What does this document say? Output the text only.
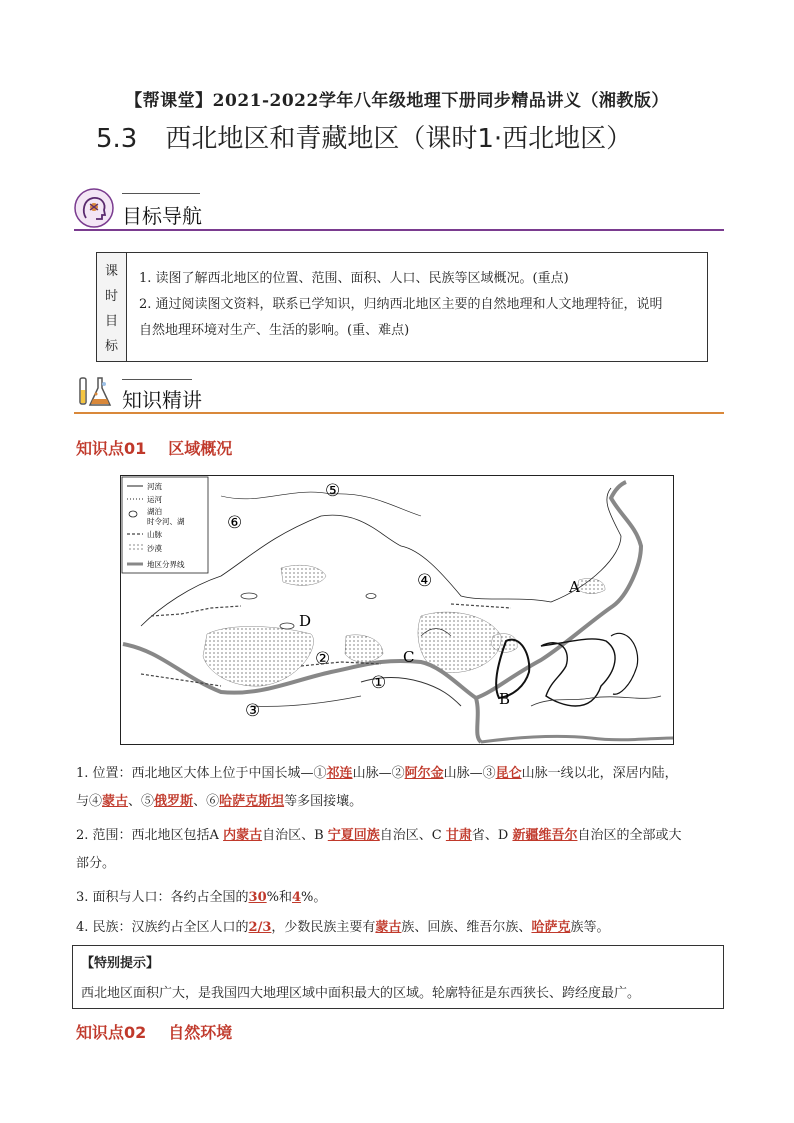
【帮课堂】2021-2022学年八年级地理下册同步精品讲义（湘教版）
5.3 西北地区和青藏地区（课时1·西北地区）
目标导航
课
时
目
标
1. 读图了解西北地区的位置、范围、面积、人口、民族等区域概况。(重点)
2. 通过阅读图文资料，联系已学知识，归纳西北地区主要的自然地理和人文地理特征，说明
自然地理环境对生产、生活的影响。(重、难点)
知识精讲
知识点01 区域概况
河流
运河
湖泊
时令河、湖
山脉
沙漠
地区分界线
⑤
⑥
④	A
D
②	C
①
③
B
1. 位置：西北地区大体上位于中国长城—①祁连山脉—②阿尔金山脉—③昆仑山脉一线以北，深居内陆，
与④蒙古、⑤俄罗斯、⑥哈萨克斯坦等多国接壤。
2. 范围：西北地区包括A 内蒙古自治区、B 宁夏回族自治区、C 甘肃省、D 新疆维吾尔自治区的全部或大
部分。
3. 面积与人口：各约占全国的30%和4%。
4. 民族：汉族约占全区人口的2/3，少数民族主要有蒙古族、回族、维吾尔族、哈萨克族等。
【特别提示】
西北地区面积广大，是我国四大地理区域中面积最大的区域。轮廓特征是东西狭长、跨经度最广。
知识点02 自然环境
